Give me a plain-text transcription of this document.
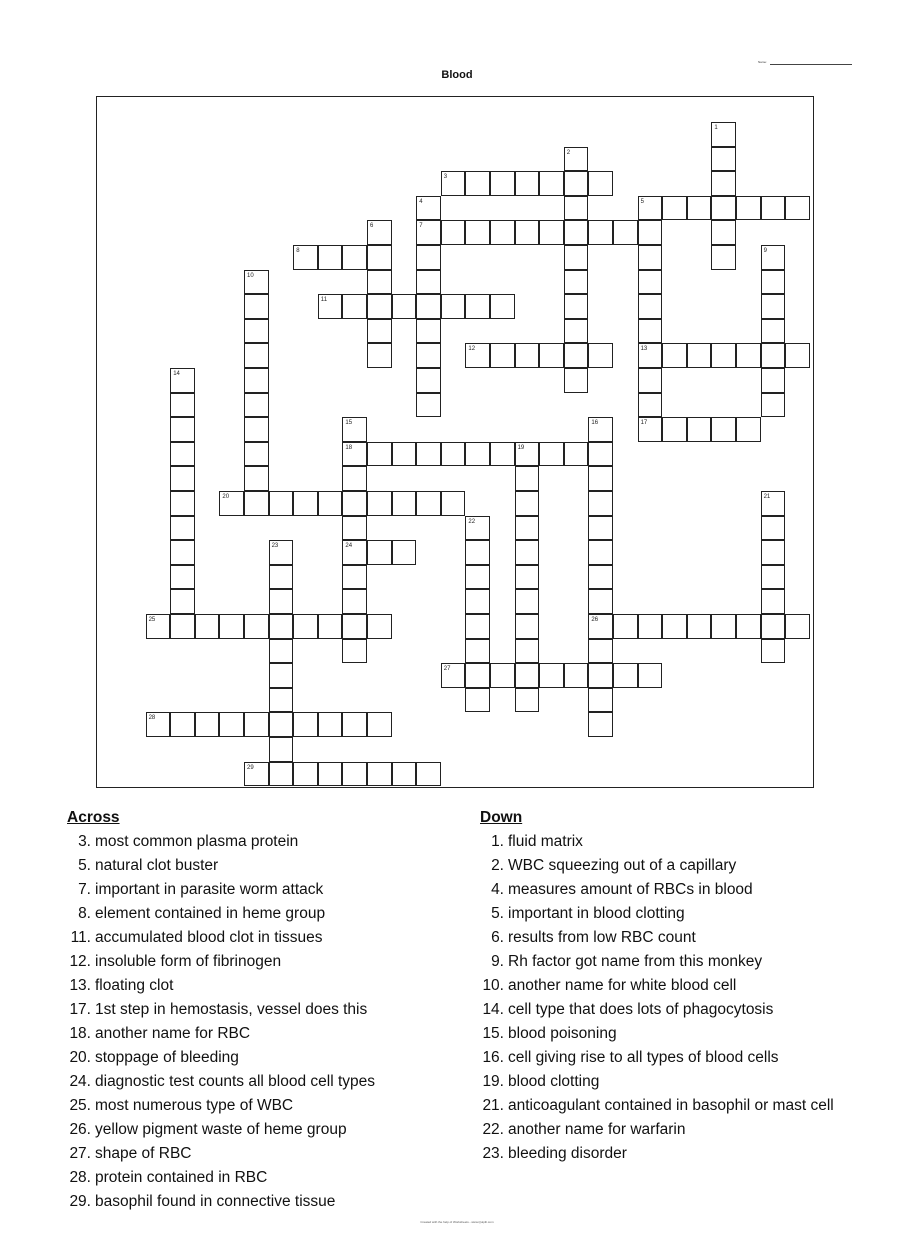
Name:
Blood
3
5
7
8
11
12	13
17
18	19
20
24
25	26
27
28
29
1
2
4
6
9
10
14
15	16
21
22
23
Across
3. most common plasma protein
5. natural clot buster
7. important in parasite worm attack
8. element contained in heme group
11. accumulated blood clot in tissues
12. insoluble form of fibrinogen
13. floating clot
17. 1st step in hemostasis, vessel does this
18. another name for RBC
20. stoppage of bleeding
24. diagnostic test counts all blood cell types
25. most numerous type of WBC
26. yellow pigment waste of heme group
27. shape of RBC
28. protein contained in RBC
29. basophil found in connective tissue
Down
1. fluid matrix
2. WBC squeezing out of a capillary
4. measures amount of RBCs in blood
5. important in blood clotting
6. results from low RBC count
9. Rh factor got name from this monkey
10. another name for white blood cell
14. cell type that does lots of phagocytosis
15. blood poisoning
16. cell giving rise to all types of blood cells
19. blood clotting
21. anticoagulant contained in basophil or mast cell
22. another name for warfarin
23. bleeding disorder
Created with the help of Worksheets - www.Quiplit.com
